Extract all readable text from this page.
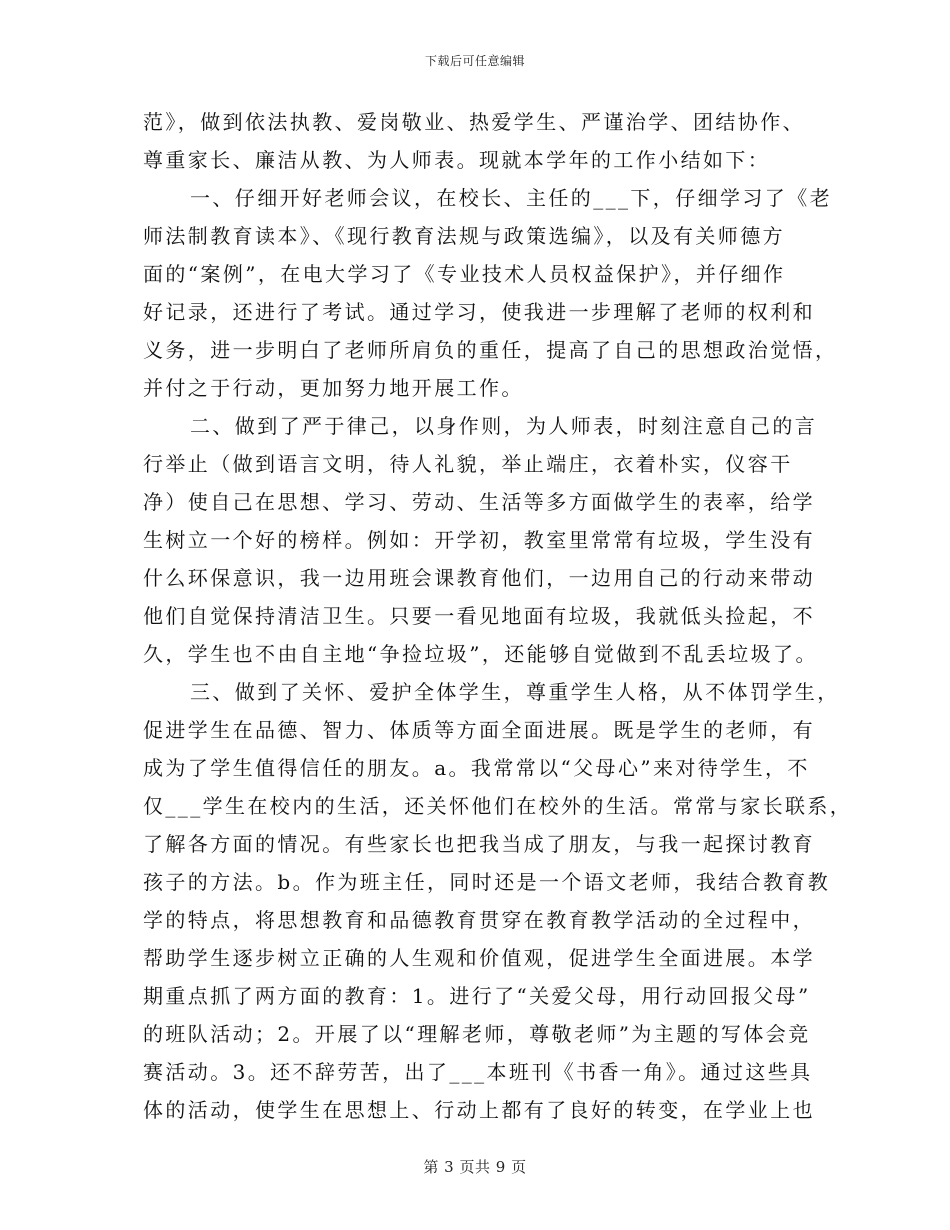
下载后可任意编辑
范》，做到依法执教、爱岗敬业、热爱学生、严谨治学、团结协作、
尊重家长、廉洁从教、为人师表。现就本学年的工作小结如下：
一、仔细开好老师会议，在校长、主任的___下，仔细学习了《老
师法制教育读本》、《现行教育法规与政策选编》，以及有关师德方
面的“案例”，在电大学习了《专业技术人员权益保护》，并仔细作
好记录，还进行了考试。通过学习，使我进一步理解了老师的权利和
义务，进一步明白了老师所肩负的重任，提高了自己的思想政治觉悟，
并付之于行动，更加努力地开展工作。
二、做到了严于律己，以身作则，为人师表，时刻注意自己的言
行举止（做到语言文明，待人礼貌，举止端庄，衣着朴实，仪容干
净）使自己在思想、学习、劳动、生活等多方面做学生的表率，给学
生树立一个好的榜样。例如：开学初，教室里常常有垃圾，学生没有
什么环保意识，我一边用班会课教育他们，一边用自己的行动来带动
他们自觉保持清洁卫生。只要一看见地面有垃圾，我就低头捡起，不
久，学生也不由自主地“争捡垃圾”，还能够自觉做到不乱丢垃圾了。
三、做到了关怀、爱护全体学生，尊重学生人格，从不体罚学生，
促进学生在品德、智力、体质等方面全面进展。既是学生的老师，有
成为了学生值得信任的朋友。a。我常常以“父母心”来对待学生，不
仅___学生在校内的生活，还关怀他们在校外的生活。常常与家长联系，
了解各方面的情况。有些家长也把我当成了朋友，与我一起探讨教育
孩子的方法。b。作为班主任，同时还是一个语文老师，我结合教育教
学的特点，将思想教育和品德教育贯穿在教育教学活动的全过程中，
帮助学生逐步树立正确的人生观和价值观，促进学生全面进展。本学
期重点抓了两方面的教育：1。进行了“关爱父母，用行动回报父母”
的班队活动；2。开展了以“理解老师，尊敬老师”为主题的写体会竞
赛活动。3。还不辞劳苦，出了___本班刊《书香一角》。通过这些具
体的活动，使学生在思想上、行动上都有了良好的转变，在学业上也
第 3 页共 9 页
